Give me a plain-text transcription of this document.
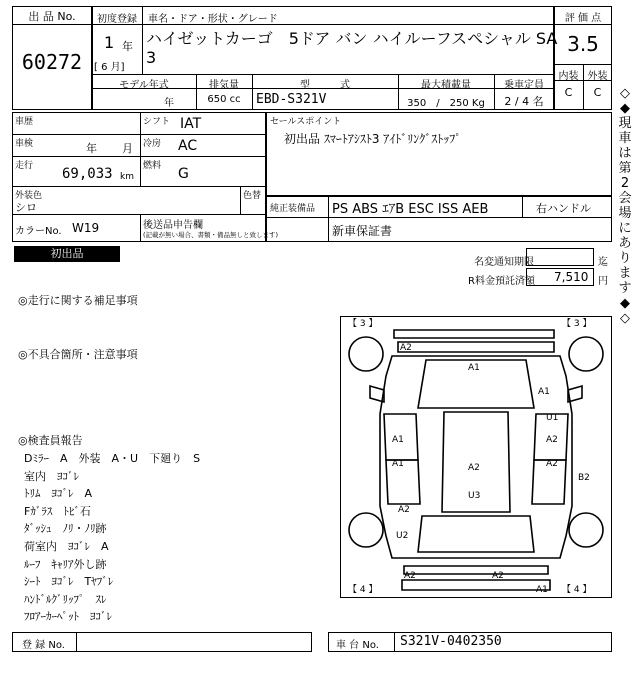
出 品 No.
60272
初度登録
1 年
[ 6 月]
車名・ドア・形状・グレード
ハイゼットカーゴ　5ドア バン ハイルーフスペシャル SA
3
モデル年式
年
排気量
650 cc
型　　　式
EBD-S321V
最大積載量
350　/　250 Kg
乗車定員
2 / 4 名
評 価 点
3.5
内装 外装
C	C
車歴	シフト IAT
車検	年 月 冷房 AC
走行 69,033 km
燃料 G
外装色
シロ
色替
カラーNo. W19	後送品申告欄
(記載が無い場合、書類・備品無しと致します)
セールスポイント
初出品 ｽﾏｰﾄｱｼｽﾄ3 ｱｲﾄﾞﾘﾝｸﾞｽﾄｯﾌﾟ
純正装備品 PS ABS ｴｱB ESC ISS AEB	右ハンドル
新車保証書
初出品
名変通知期限	迄
R料金預託済額 7,510 円
◎走行に関する補足事項
◎不具合箇所・注意事項
◎検査員報告
Dﾐﾗｰ　A　外装　A・U　下廻り　S
室内　ﾖｺﾞﾚ
ﾄﾘﾑ　ﾖｺﾞﾚ　A
Fｶﾞﾗｽ　ﾄﾋﾞ石
ﾀﾞｯｼｭ　ﾉﾘ・ﾉﾘ跡
荷室内　ﾖｺﾞﾚ　A
ﾙｰﾌ　ｷｬﾘｱ外し跡
ｼｰﾄ　ﾖｺﾞﾚ　Tﾔﾌﾞﾚ
ﾊﾝﾄﾞﾙｸﾞﾘｯﾌﾟ　ｽﾚ
ﾌﾛｱｰｶｰﾍﾟｯﾄ　ﾖｺﾞﾚ
【 3 】	【 3 】
【 4 】	【 4 】
A2
A1
A1
U1
A1	A2
A1	A2	A2
B2
U3
A2
U2
A2	A2
A1
◇◆現車は第2会場にあります◆◇
登 録 No.	車 台 No. S321V-0402350
